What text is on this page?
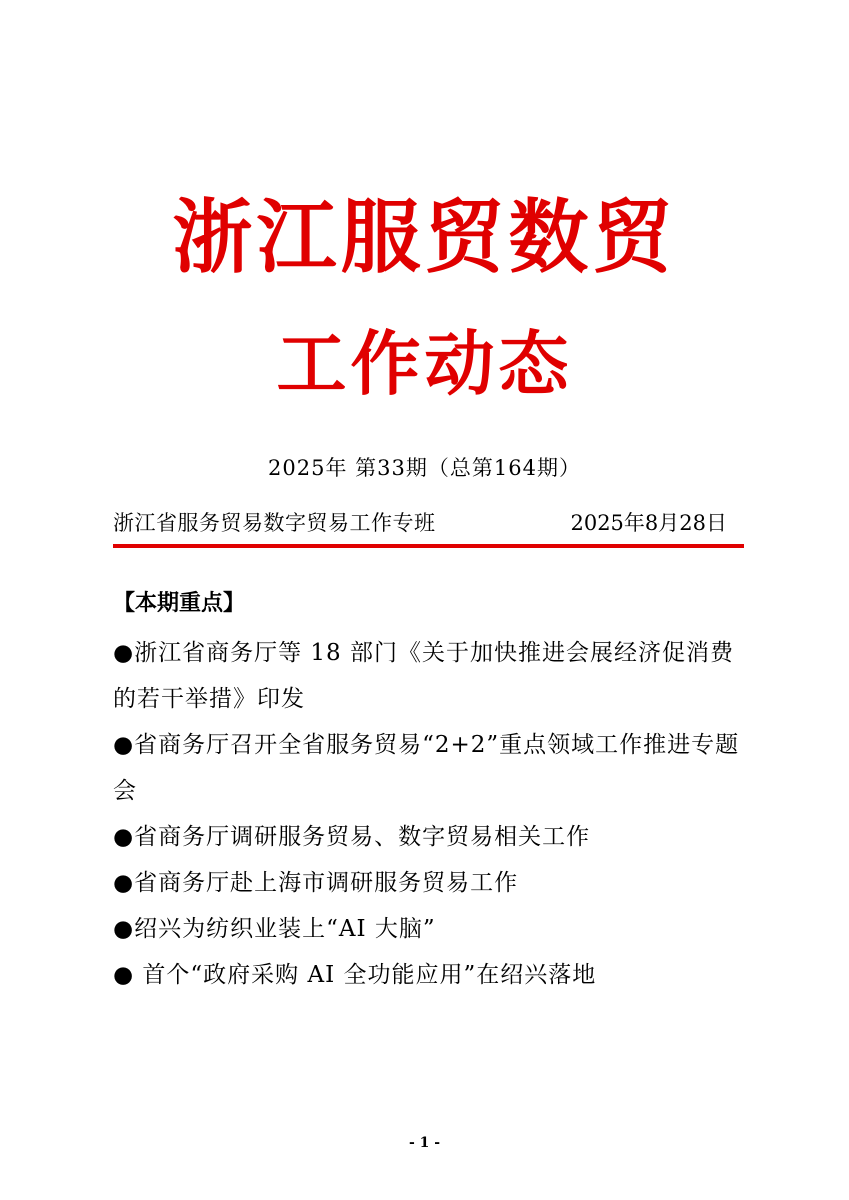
浙江服贸数贸
工作动态
2025年 第33期（总第164期）
浙江省服务贸易数字贸易工作专班	2025年8月28日
【本期重点】
●浙江省商务厅等 18 部门《关于加快推进会展经济促消费的若干举措》印发
●省商务厅召开全省服务贸易“2+2”重点领域工作推进专题会
●省商务厅调研服务贸易、数字贸易相关工作
●省商务厅赴上海市调研服务贸易工作
●绍兴为纺织业装上“AI 大脑”
● 首个“政府采购 AI 全功能应用”在绍兴落地
- 1 -
